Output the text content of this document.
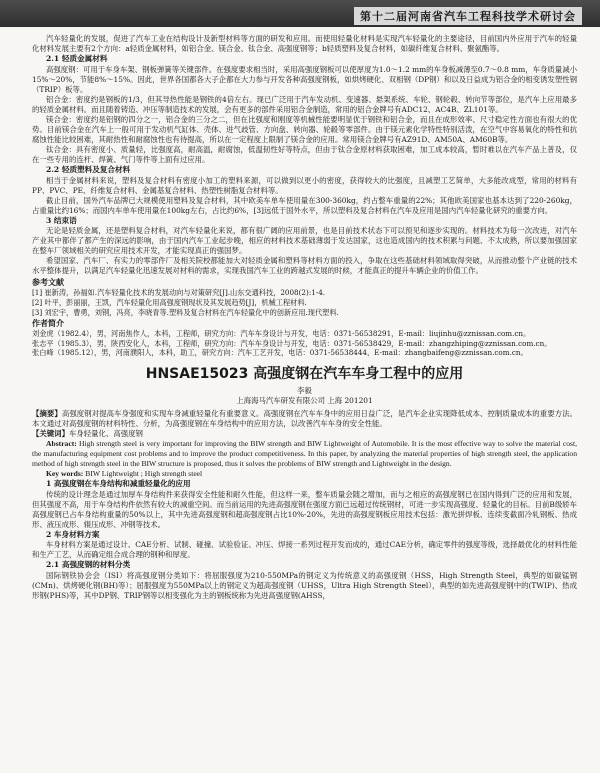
第十二届河南省汽车工程科技学术研讨会

汽车轻量化的发展，促进了汽车工业在结构设计及新型材料等方面的研发和应用。而使用轻量化材料是实现汽车轻量化的主要途径，目前国内外应用于汽车的轻量化材料发展主要有2个方向：a轻质金属材料，如铝合金、镁合金、钛合金、高强度钢等；b轻质塑料及复合材料，如碳纤维复合材料、聚氨酯等。

2.1 轻质金属材料

高强度钢：可用于车身车架、钢板弹簧等关键部件。在强度要求相当时，采用高强度钢板可以使厚度为1.0～1.2 mm的车身板减薄至0.7～0.8 mm，车身质量减小15%～20%，节能8%～15%。因此，世界各国都各大子企都在大力参与开发各种高强度钢板，如烘烤硬化、双相钢（DP钢）和以及日益成为铝合金的相变诱发塑性钢（TRIP）板等。

铝合金：密度约是钢板的1/3，但其导热性能是钢铁的4倍左右。现已广泛用于汽车发动机、变速器、悬架系统、车轮、钢轮毂、转向节等部位，是汽车上应用最多的轻质金属材料。而且随着铸造、冲压等制造技术的发展，会有更多的部件采用铝合金制造，常用的铝合金牌号有ADC12、AC4B、ZL101等。

镁合金：密度约是铝钢的四分之一，铝合金的三分之二，但在比强度和刚度等机械性能要明显优于钢铁和铝合金，而且在成形效率、尺寸稳定性方面也有很大的优势。目前镁合金在汽车上一般可用于发动机气缸体、壳体、进气歧管、方向盘、转向器、轮毂等零部件。由于镁元素化学特性特别活泼，在空气中容易氧化的特性和抗腐蚀性能比较困难，其耐热性和耐腐蚀性也有待提高，所以在一定程度上限制了镁合金的应用。常用镁合金牌号有AZ91D、AM50A、AM60B等。

钛合金：具有密度小、质量轻，比强度高，耐高温，耐腐蚀，低温韧性好等特点，但由于钛合金原材料获取困难，加工成本较高，暂时难以在汽车产品上普及，仅在一些专用的连杆、焊簧、气门等件等上面有过应用。

2.2 轻质塑料及复合材料

相当于金属材料来说，塑料及复合材料有密度小加工的塑料来源，可以做到以更小的密度，获得较大的比强度，且减塑工艺简单，大多能改成型，常用的材料有PP、PVC、PE、纤维复合材料、金属基复合材料、热塑性树脂复合材料等。

截止目前，国外汽车品牌已大规模使用塑料及复合材料，其中欧美车单车使用量在300-360kg，约占整车重量的22%；其他欧美国家也基本达到了220-260kg，占重量比约16%；而国内车单车使用量在100kg左右，占比约6%，[3]远低于国外水平，所以塑料及复合材料在汽车及应用是国内汽车轻量化研究的重要方向。

3 结束语

无论是轻质金属，还是塑料复合材料，对汽车轻量化来说，都有很广阔的应用前景，也是目前技术状态下可以预见和逐步实现的。材料技术为每一次改进，对汽车产业其中都伴了都产生的深远的影响，由于国内汽车工业起步晚，相应的材料技术基础薄弱于发达国家，这也造成国内的技术积累与问题、不太成熟，所以要加强国家在整车厂领域相关的研究应用技术开发，才能实现真正的强国梦。

希望国家、汽车厂、有实力的零部件厂及相关院校都能加大对轻质金属和塑料等材料方面的投入，争取在这些基础材料领域取得突破，从而推动整个产业链的技术水平整体提升，以满足汽车轻量化迅速发展对材料的需求，实现我国汽车工业的跨越式发展的时候，才能真正的提升车辆企业的价值工作。

参考文献

[1] 崔新涛，孙福如.汽车轻量化技术的发展动向与对策研究[J].山东交通科技，2008(2):1-4.

[2] 叶平，彭丽丽，王凯，汽车轻量化用高强度钢现状及其发展趋势[J]，机械工程材料.

[3] 刘宏宇，曹勇，刘钢，冯亮，李晓青等.塑料及复合材料在汽车轻量化中的创新应用.现代塑料.

作者简介

刘金虎（1982.4），男，河南焦作人，本科，工程师，研究方向：汽车车身设计与开发，电话：0371-56538291，E-mail：liujinhu@zznissan.com.cn。

张志平（1985.3），男，陕西安化人，本科，工程师，研究方向：汽车车身设计与开发，电话：0371-56538429，E-mail：zhangzhiping@zznissan.com.cn。

张白峰（1985.12），男，河南濮阳人，本科，助工，研究方向：汽车工艺开发，电话：0371-56538444，E-mail：zhangbaifeng@zznissan.com.cn。

HNSAE15023 高强度钢在汽车车身工程中的应用
李毅
上海海马汽车研发有限公司 上海 201201

【摘要】高强度钢对提高车身强度和实现车身减重轻量化有重要意义。高强度钢在汽车车身中的应用日益广泛，是汽车企业实现降低成本、控制质量成本的重要方法。本文通过对高强度钢的材料特性、分析，为高强度钢在车身结构中的应用方法，以改善汽车车身的安全性能。

【关键词】车身轻量化、高强度钢

Abstract: High strength steel is very important for improving the BIW strength and BIW Lightweight of Automobile. It is the most effective way to solve the material cost, the manufacturing equipment cost problems and to improve the product competitiveness. In this paper, by analyzing the material properties of high strength steel, the application method of high strength steel in the BIW structure is proposed, thus it solves the problems of BIW strength and Lightweight in the design.

Key words: BIW Lightweight ; High strength steel

1 高强度钢在车身结构和减重轻量化的应用

传统的设计理念是通过加厚车身结构件来获得安全性能和耐久性能，但这样一来，整车质量会随之增加，而与之相应的高强度钢已在国内得到广泛的应用和发展，但其强度不高，用于车身结构件依然有较大的减重空间。而当前运用的先进高强度钢在强度方面已远超过传统钢材，可进一步实现高强度、轻量化的目标。目前B级轿车高强度钢已占车身结构重量的50%以上，其中先进高强度钢和超高强度钢占比10%-20%，先进的高强度钢板应用技术包括：激光拼焊板、连续变截面冷轧钢板、热成形、液压成形、辊压成形、冲钢等技术。

2 车身材料方案

车身材料方案是通过设计、CAE分析、试制、碰撞、试验验证、冲压、焊接一系列过程开发而成的，通过CAE分析，确定零件的强度等级，选择最优化的材料性能和生产工艺，从而确定组合成合理的钢种和厚度。

2.1 高强度钢的材料分类

国际钢铁协会会（ISI）将高强度钢分类如下：将屈服强度为210-550MPa的钢定义为传统意义的高强度钢（HSS，High Strength Steel，典型的如碳锰钢(CMn)、烘烤硬化钢(BH)等）；屈服强度为550MPa以上的钢定义为超高强度钢（UHSS，Ultra High Strength Steel），典型的如先进高强度钢中的(TWIP)、热成形钢(PHS)等，其中DP钢、TRIP钢等以相变强化为主的钢板统称为先进高强度钢(AHSS，
